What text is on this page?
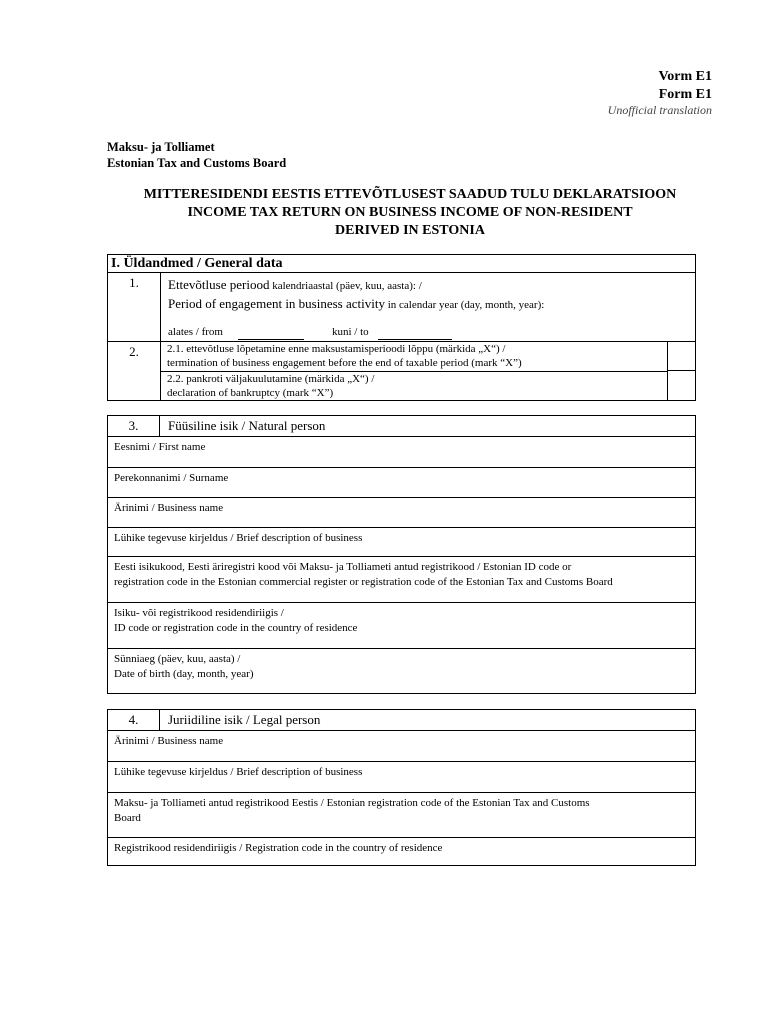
Vorm E1
Form E1
Unofficial translation
Maksu- ja Tolliamet
Estonian Tax and Customs Board
MITTERESIDENDI EESTIS ETTEVÕTLUSEST SAADUD TULU DEKLARATSIOON
INCOME TAX RETURN ON BUSINESS INCOME OF NON-RESIDENT
DERIVED IN ESTONIA
I. Üldandmed / General data
1.	Ettevõtluse periood kalendriaastal (päev, kuu, aasta): /
Period of engagement in business activity in calendar year (day, month, year):
alates / from	kuni / to
2.	2.1. ettevõtluse lõpetamine enne maksustamisperioodi lõppu (märkida „X“) /
termination of business engagement before the end of taxable period (mark “X”)
2.2. pankroti väljakuulutamine (märkida „X“) /
declaration of bankruptcy (mark “X”)
3.	Füüsiline isik / Natural person
Eesnimi / First name
Perekonnanimi / Surname
Ärinimi / Business name
Lühike tegevuse kirjeldus / Brief description of business
Eesti isikukood, Eesti äriregistri kood või Maksu- ja Tolliameti antud registrikood / Estonian ID code or
registration code in the Estonian commercial register or registration code of the Estonian Tax and Customs Board
Isiku- või registrikood residendiriigis /
ID code or registration code in the country of residence
Sünniaeg (päev, kuu, aasta) /
Date of birth (day, month, year)
4.	Juriidiline isik / Legal person
Ärinimi / Business name
Lühike tegevuse kirjeldus / Brief description of business
Maksu- ja Tolliameti antud registrikood Eestis / Estonian registration code of the Estonian Tax and Customs
Board
Registrikood residendiriigis / Registration code in the country of residence
